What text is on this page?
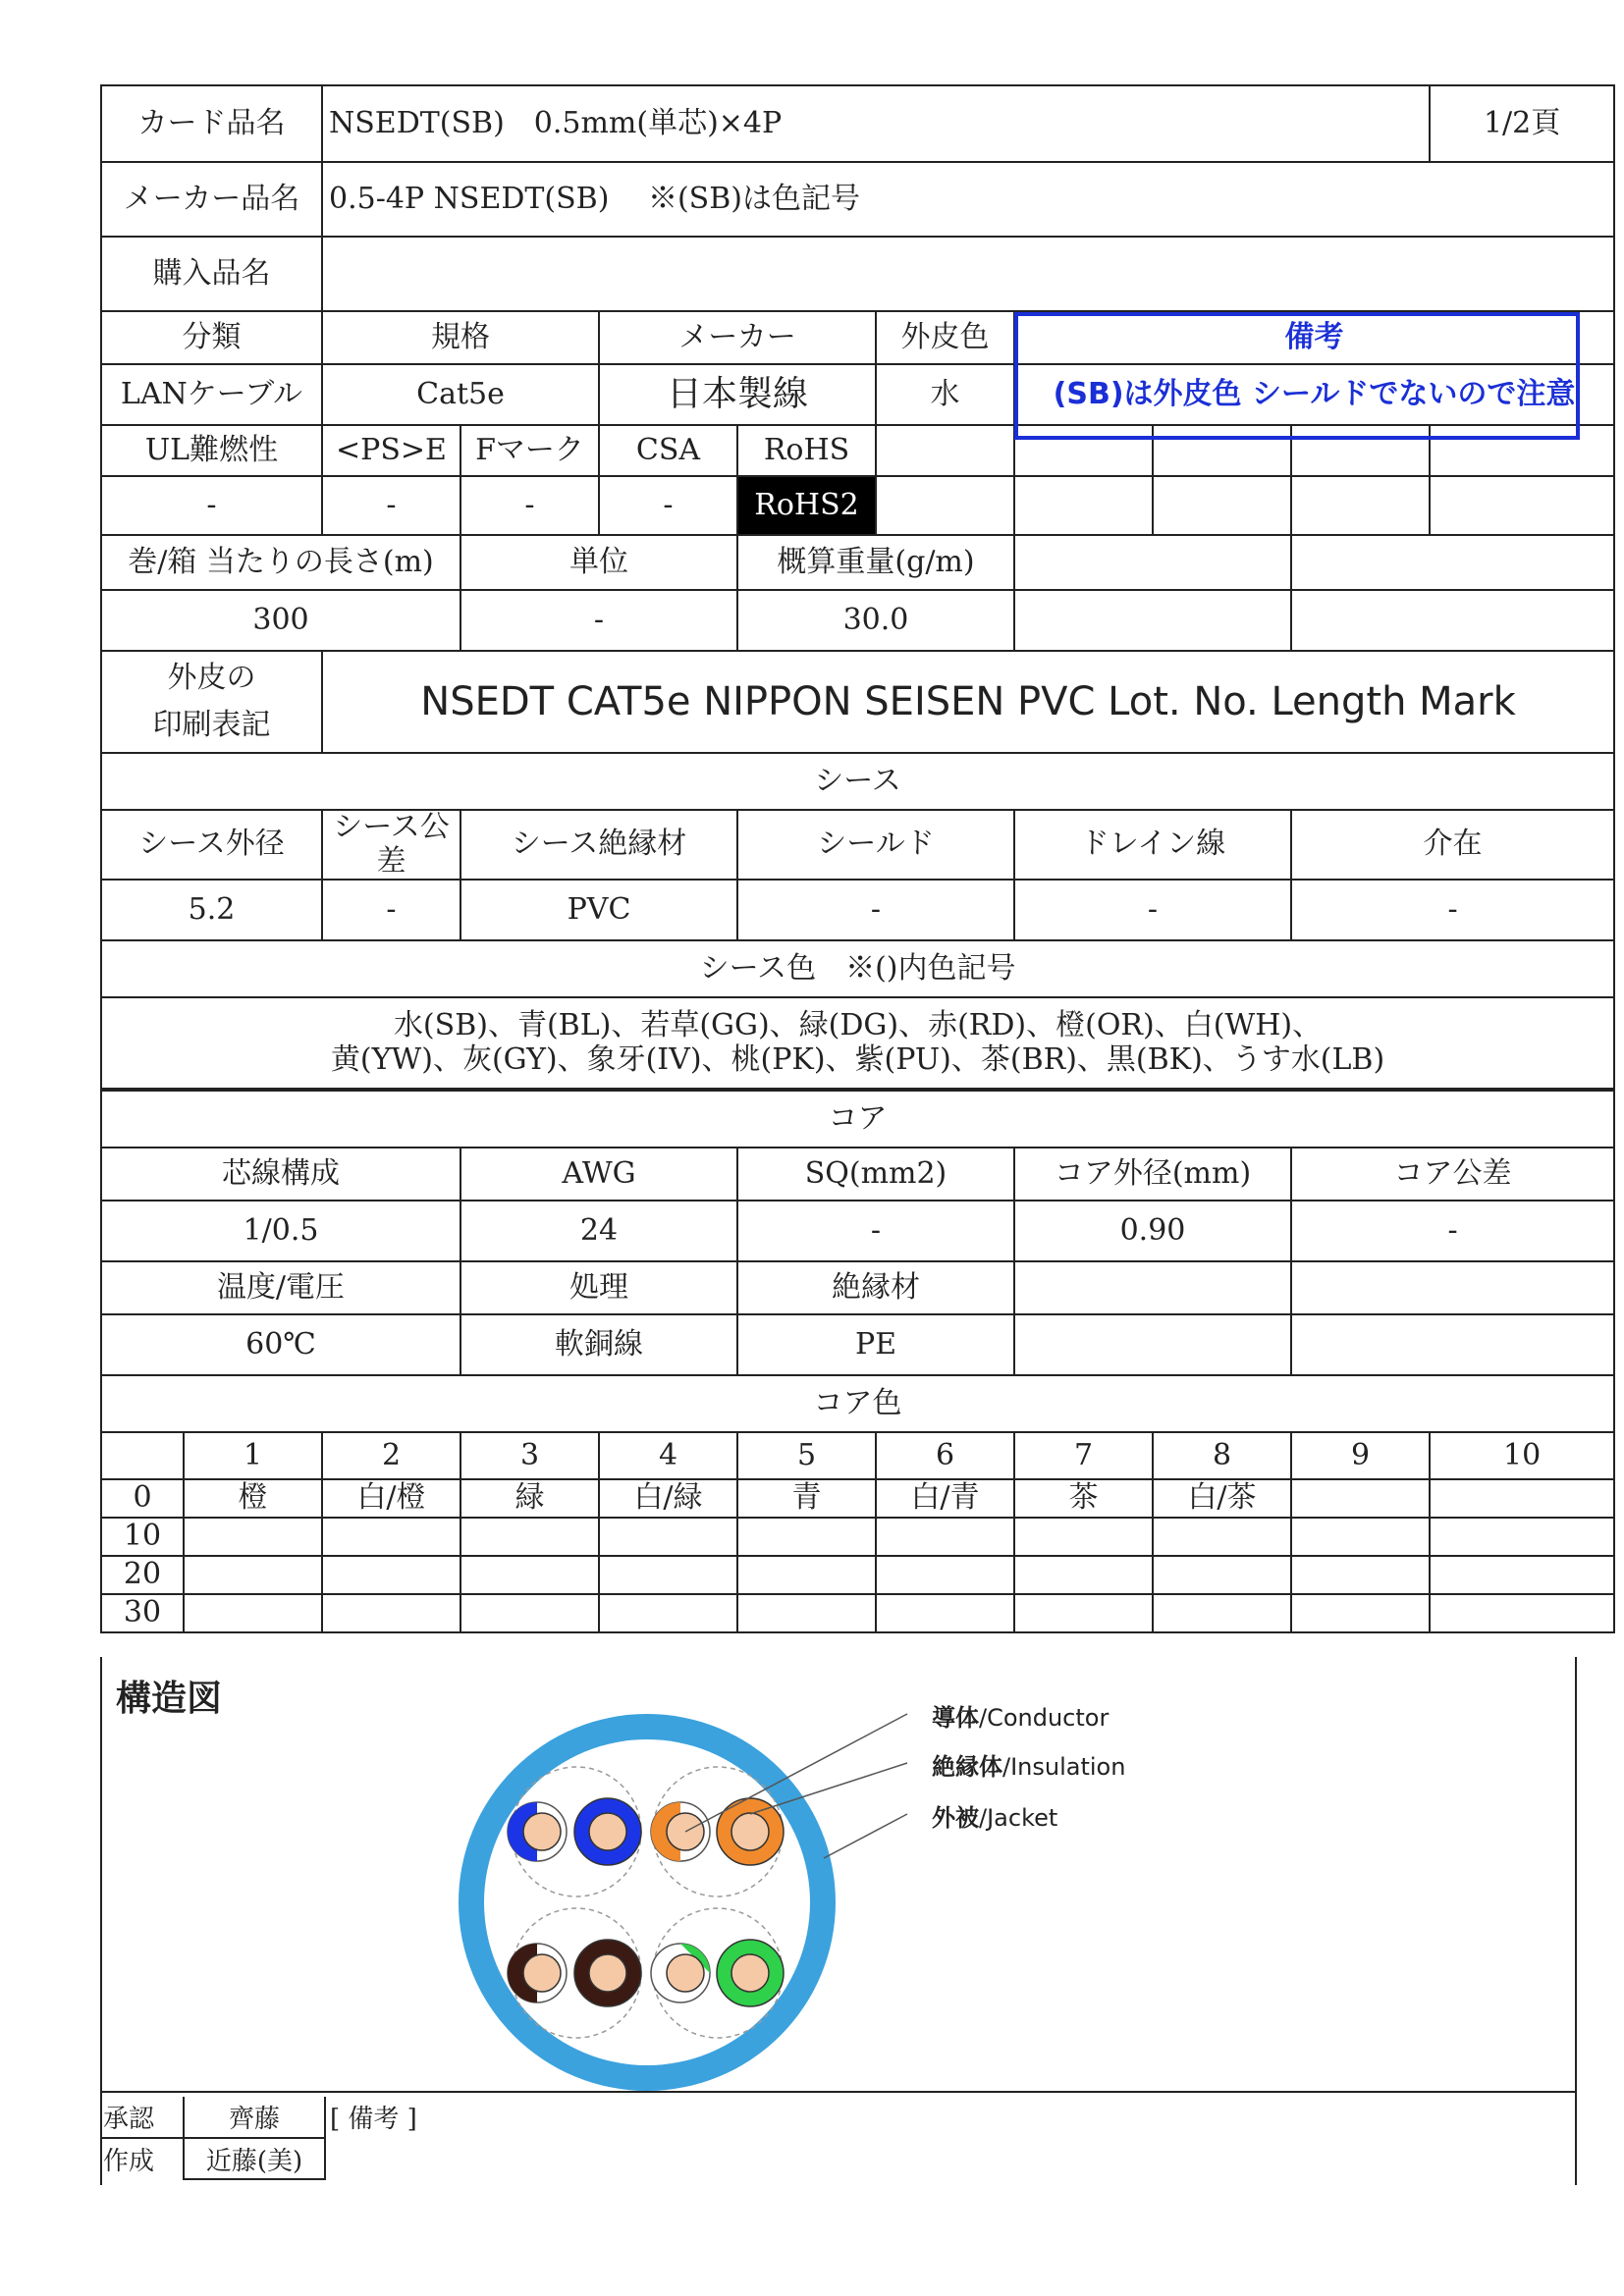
カード品名		NSEDT(SB)　0.5mm(単芯)×4P								1/2頁
メーカー品名		0.5-4P NSEDT(SB)　 ※(SB)は色記号								
購入品名										
分類		規格		メーカー		外皮色	備考			
LANケーブル		Cat5e		日本製線		水	(SB)は外皮色 シールドでないので注意			
UL難燃性		<PS>E	Fマーク	CSA	RoHS					
-		-	-	-	RoHS2					
巻/箱 当たりの長さ(m)			単位		概算重量(g/m)					
300			-		30.0					

外皮の
印刷表記		NSEDT CAT5e NIPPON SEISEN PVC Lot. No. Length Mark								
シース										
シース外径		シース公差	シース絶縁材		シールド		ドレイン線		介在	
5.2		-	PVC		-		-		-	
シース色　※()内色記号										

水(SB)、青(BL)、若草(GG)、緑(DG)、赤(RD)、橙(OR)、白(WH)、
黄(YW)、灰(GY)、象牙(IV)、桃(PK)、紫(PU)、茶(BR)、黒(BK)、うす水(LB)										

コア										
芯線構成			AWG		SQ(mm2)		コア外径(mm)		コア公差	
1/0.5			24		-		0.90		-	
温度/電圧			処理		絶縁材					
60℃			軟銅線		PE					
コア色										
	1	2	3	4	5	6	7	8	9	10
0	橙	白/橙	緑	白/緑	青	白/青	茶	白/茶		
10										
20										
30										
構造図	導体/Conductor
絶縁体/Insulation
外被/Jacket
承認	齊藤
作成	近藤(美)
[ 備考 ]
